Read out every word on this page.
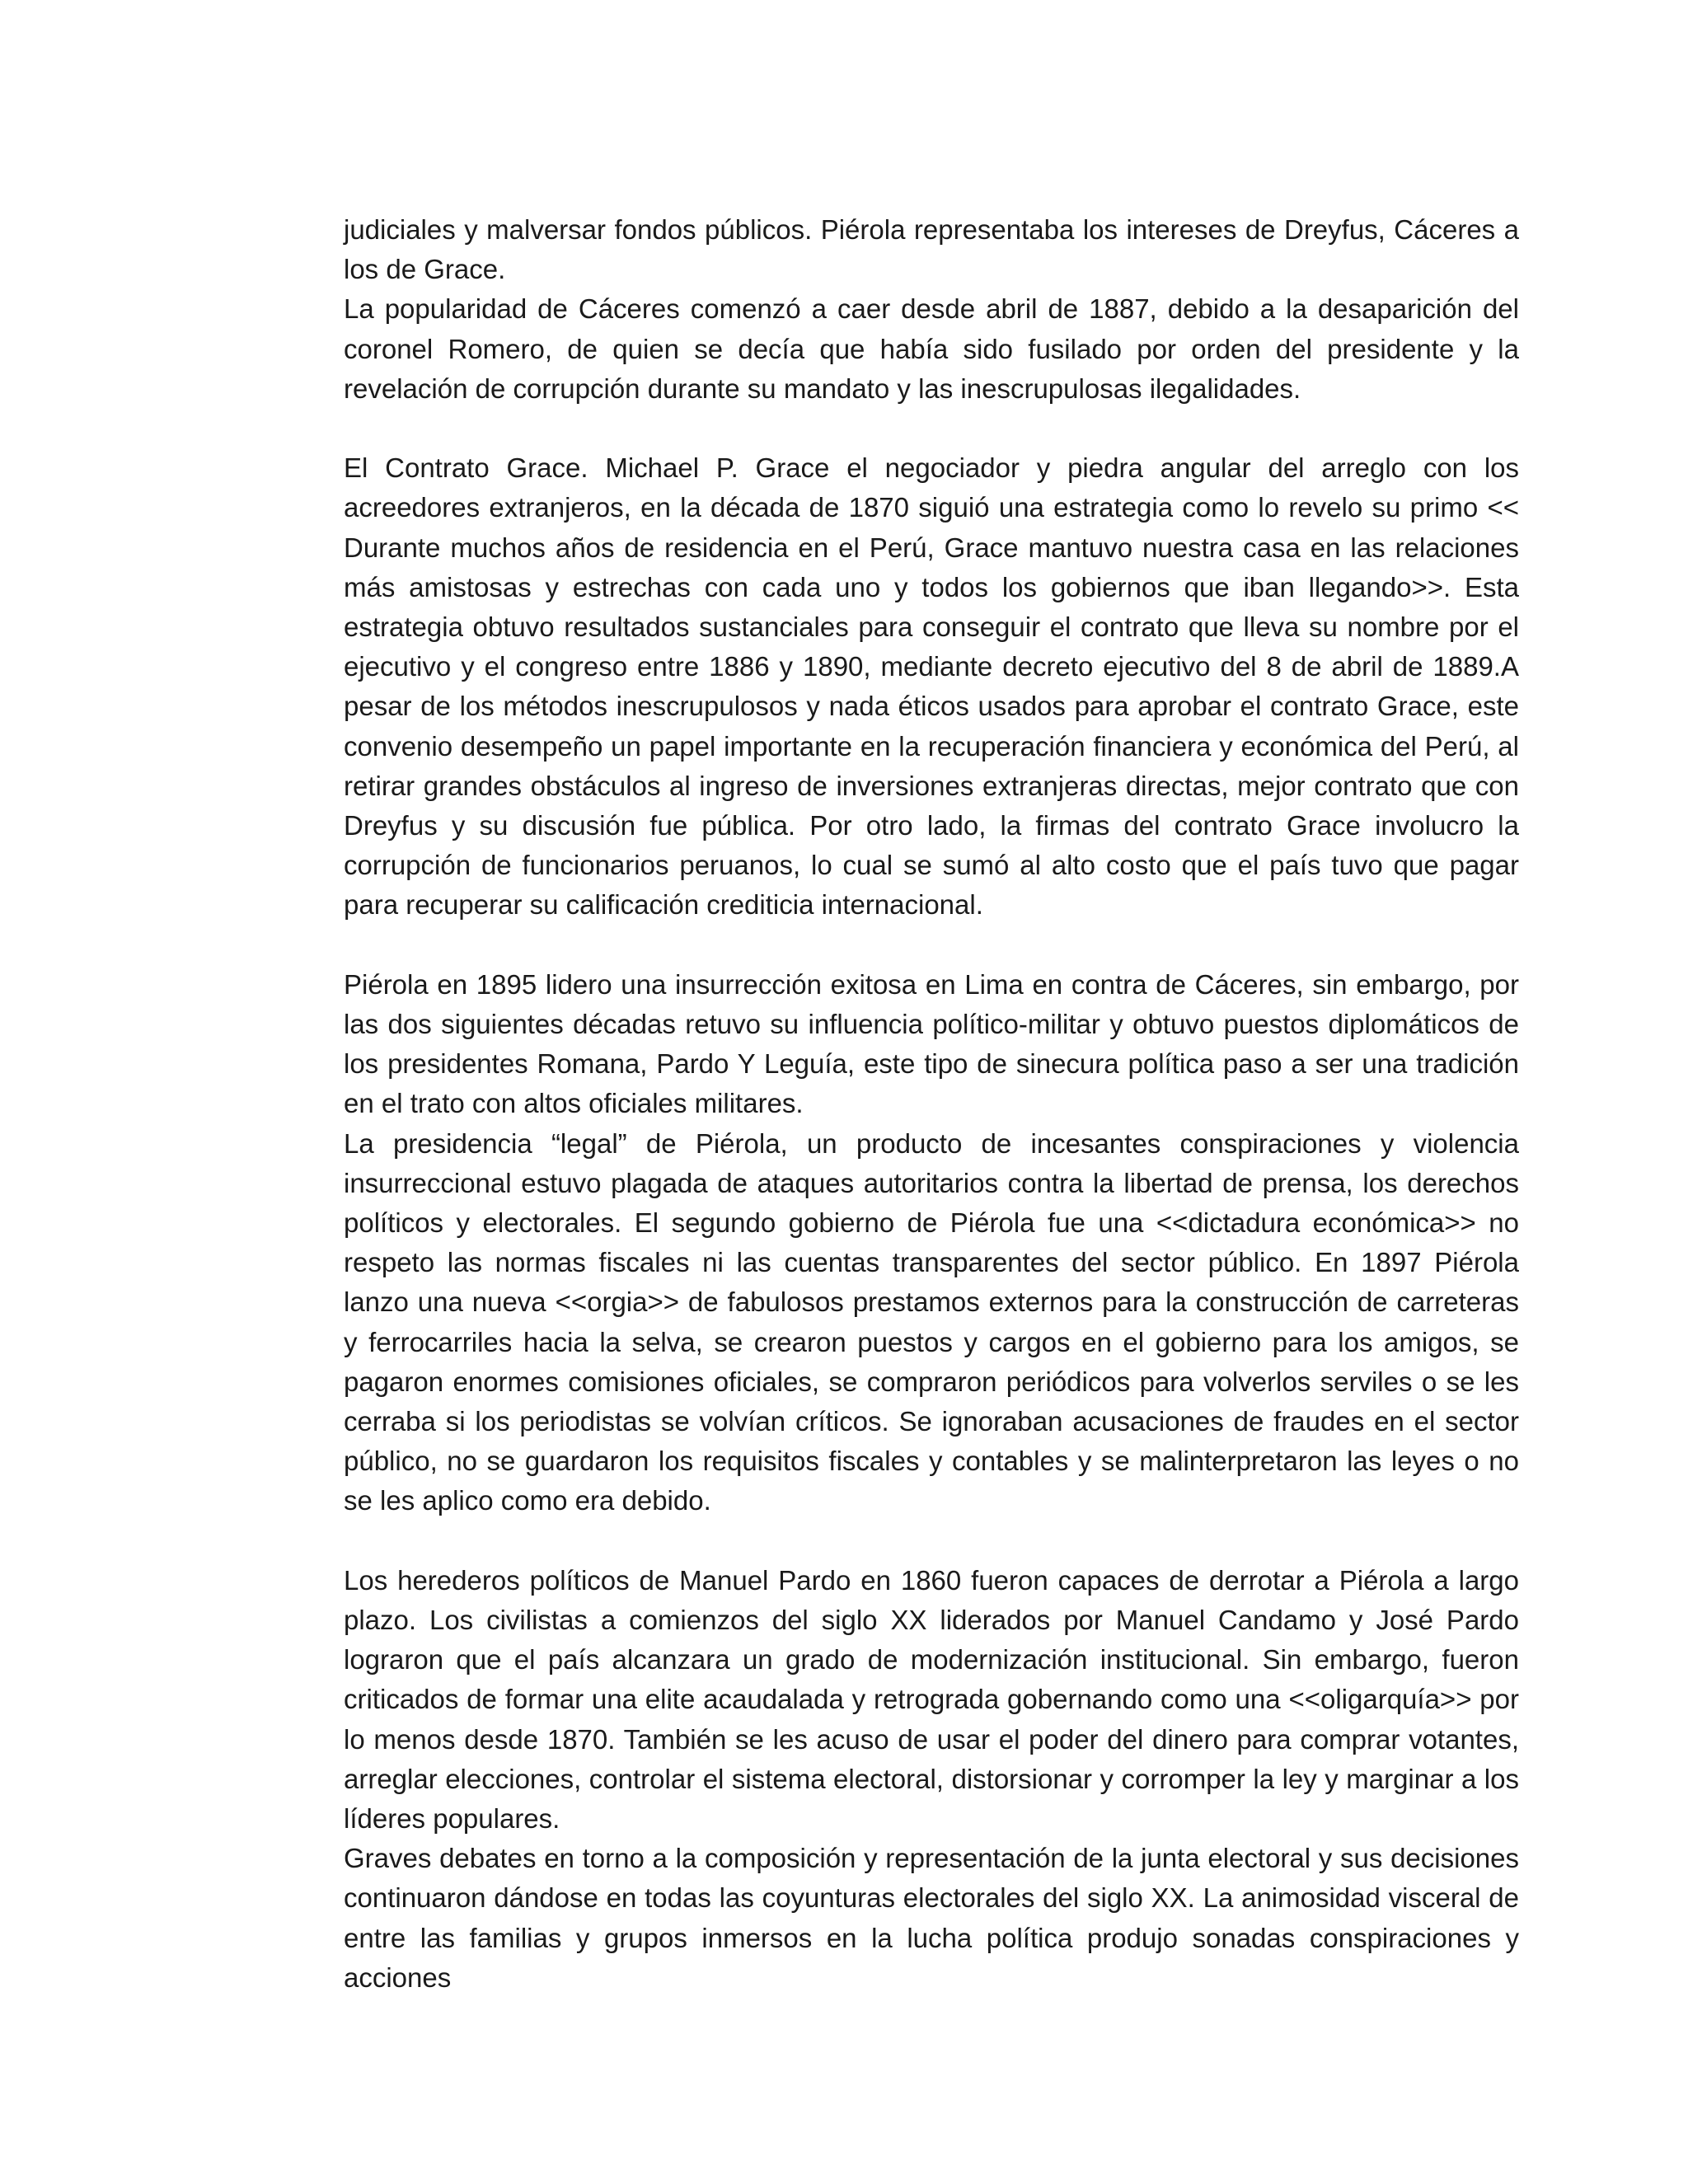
judiciales y malversar fondos públicos. Piérola representaba los intereses de Dreyfus, Cáceres a los de Grace.

La popularidad de Cáceres comenzó a caer desde abril de 1887, debido a la desaparición del coronel Romero, de quien se decía que había sido fusilado por orden del presidente y la revelación de corrupción durante su mandato y las inescrupulosas ilegalidades.

El Contrato Grace. Michael P. Grace el negociador y piedra angular del arreglo con los acreedores extranjeros, en la década de 1870 siguió una estrategia como lo revelo su primo << Durante muchos años de residencia en el Perú, Grace mantuvo nuestra casa en las relaciones más amistosas y estrechas con cada uno y todos los gobiernos que iban llegando>>. Esta estrategia obtuvo resultados sustanciales para conseguir el contrato que lleva su nombre por el ejecutivo y el congreso entre 1886 y 1890, mediante decreto ejecutivo del 8 de abril de 1889.A pesar de los métodos inescrupulosos y nada éticos usados para aprobar el contrato Grace, este convenio desempeño un papel importante en la recuperación financiera y económica del Perú, al retirar grandes obstáculos al ingreso de inversiones extranjeras directas, mejor contrato que con Dreyfus y su discusión fue pública. Por otro lado, la firmas del contrato Grace involucro la corrupción de funcionarios peruanos, lo cual se sumó al alto costo que el país tuvo que pagar para recuperar su calificación crediticia internacional.

Piérola en 1895 lidero una insurrección exitosa en Lima en contra de Cáceres, sin embargo, por las dos siguientes décadas retuvo su influencia político-militar y obtuvo puestos diplomáticos de los presidentes Romana, Pardo Y Leguía, este tipo de sinecura política paso a ser una tradición en el trato con altos oficiales militares.

La presidencia “legal” de Piérola, un producto de incesantes conspiraciones y violencia insurreccional estuvo plagada de ataques autoritarios contra la libertad de prensa, los derechos políticos y electorales. El segundo gobierno de Piérola fue una <<dictadura económica>> no respeto las normas fiscales ni las cuentas transparentes del sector público. En 1897 Piérola lanzo una nueva <<orgia>> de fabulosos prestamos externos para la construcción de carreteras y ferrocarriles hacia la selva, se crearon puestos y cargos en el gobierno para los amigos, se pagaron enormes comisiones oficiales, se compraron periódicos para volverlos serviles o se les cerraba si los periodistas se volvían críticos. Se ignoraban acusaciones de fraudes en el sector público, no se guardaron los requisitos fiscales y contables y se malinterpretaron las leyes o no se les aplico como era debido.

Los herederos políticos de Manuel Pardo en 1860 fueron capaces de derrotar a Piérola a largo plazo. Los civilistas a comienzos del siglo XX liderados por Manuel Candamo y José Pardo lograron que el país alcanzara un grado de modernización institucional. Sin embargo, fueron criticados de formar una elite acaudalada y retrograda gobernando como una <<oligarquía>> por lo menos desde 1870. También se les acuso de usar el poder del dinero para comprar votantes, arreglar elecciones, controlar el sistema electoral, distorsionar y corromper la ley y marginar a los líderes populares.

Graves debates en torno a la composición y representación de la junta electoral y sus decisiones continuaron dándose en todas las coyunturas electorales del siglo XX. La animosidad visceral de entre las familias y grupos inmersos en la lucha política produjo sonadas conspiraciones y acciones
